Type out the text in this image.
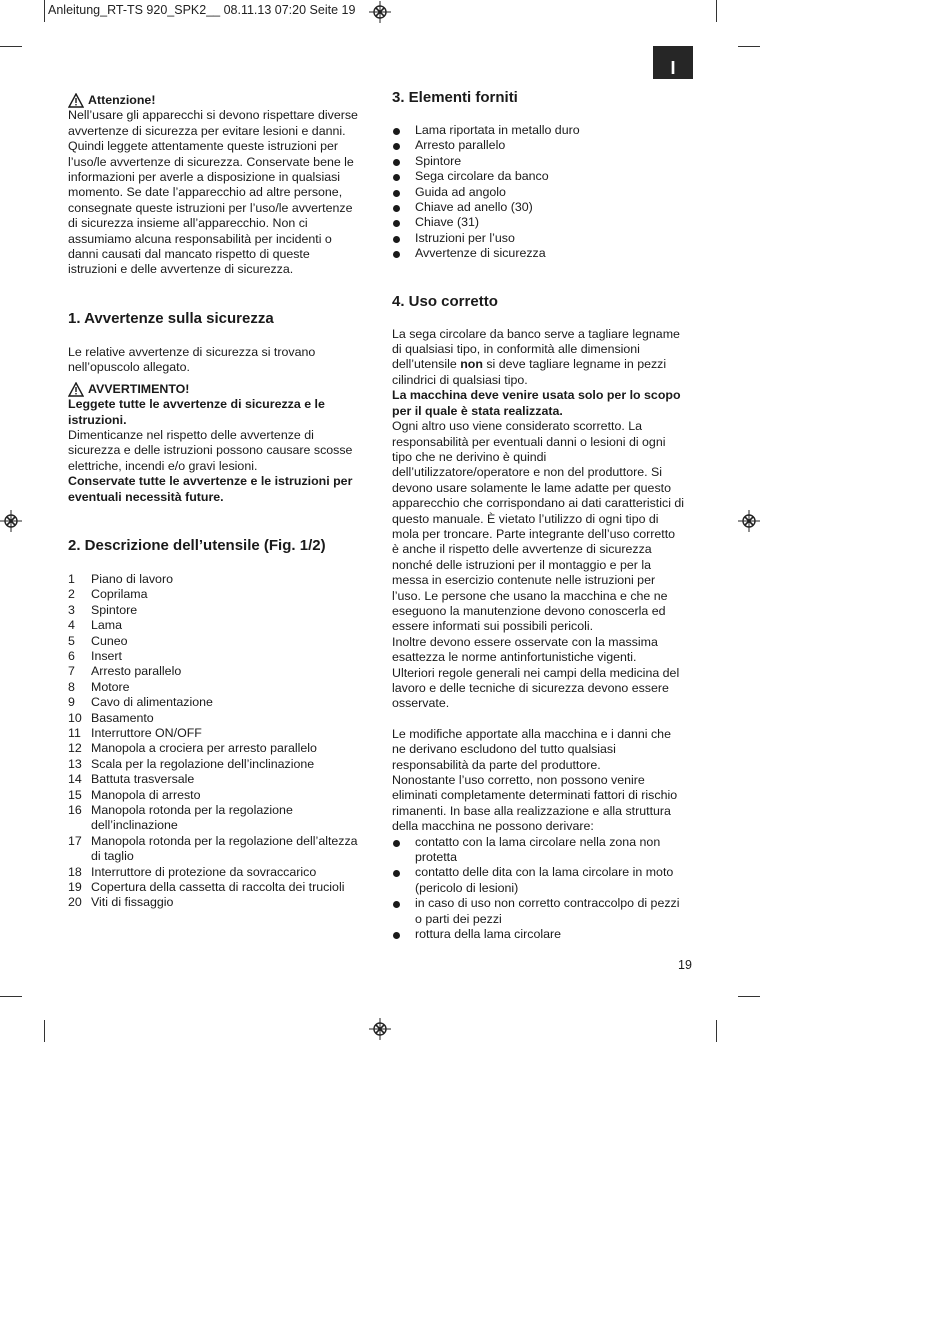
Anleitung_RT-TS 920_SPK2__ 08.11.13 07:20 Seite 19
I
Attenzione!

Nell’usare gli apparecchi si devono rispettare diverse

avvertenze di sicurezza per evitare lesioni e danni.

Quindi leggete attentamente queste istruzioni per

l’uso/le avvertenze di sicurezza. Conservate bene le

informazioni per averle a disposizione in qualsiasi

momento. Se date l’apparecchio ad altre persone,

consegnate queste istruzioni per l’uso/le avvertenze

di sicurezza insieme all’apparecchio. Non ci

assumiamo alcuna responsabilità per incidenti o

danni causati dal mancato rispetto di queste

istruzioni e delle avvertenze di sicurezza.

1. Avvertenze sulla sicurezza

Le relative avvertenze di sicurezza si trovano

nell’opuscolo allegato.

AVVERTIMENTO!

Leggete tutte le avvertenze di sicurezza e le

istruzioni.

Dimenticanze nel rispetto delle avvertenze di

sicurezza e delle istruzioni possono causare scosse

elettriche, incendi e/o gravi lesioni.

Conservate tutte le avvertenze e le istruzioni per

eventuali necessità future.

2. Descrizione dell’utensile (Fig. 1/2)
1	Piano di lavoro
2	Coprilama
3	Spintore
4	Lama
5	Cuneo
6	Insert
7	Arresto parallelo
8	Motore
9	Cavo di alimentazione
10 Basamento
11 Interruttore ON/OFF
12 Manopola a crociera per arresto parallelo
13 Scala per la regolazione dell’inclinazione
14 Battuta trasversale
15 Manopola di arresto
16 Manopola rotonda per la regolazione
dell’inclinazione
17 Manopola rotonda per la regolazione dell’altezza
di taglio
18 Interruttore di protezione da sovraccarico
19 Copertura della cassetta di raccolta dei trucioli
20 Viti di fissaggio
3. Elementi forniti
Lama riportata in metallo duro
Arresto parallelo
Spintore
Sega circolare da banco
Guida ad angolo
Chiave ad anello (30)
Chiave (31)
Istruzioni per l’uso
Avvertenze di sicurezza
4. Uso corretto

La sega circolare da banco serve a tagliare legname

di qualsiasi tipo, in conformità alle dimensioni

dell’utensile non si deve tagliare legname in pezzi

cilindrici di qualsiasi tipo.

La macchina deve venire usata solo per lo scopo

per il quale è stata realizzata.

Ogni altro uso viene considerato scorretto. La

responsabilità per eventuali danni o lesioni di ogni

tipo che ne derivino è quindi

dell’utilizzatore/operatore e non del produttore. Si

devono usare solamente le lame adatte per questo

apparecchio che corrispondano ai dati caratteristici di

questo manuale. È vietato l’utilizzo di ogni tipo di

mola per troncare. Parte integrante dell’uso corretto

è anche il rispetto delle avvertenze di sicurezza

nonché delle istruzioni per il montaggio e per la

messa in esercizio contenute nelle istruzioni per

l’uso. Le persone che usano la macchina e che ne

eseguono la manutenzione devono conoscerla ed

essere informati sui possibili pericoli.

Inoltre devono essere osservate con la massima

esattezza le norme antinfortunistiche vigenti.

Ulteriori regole generali nei campi della medicina del

lavoro e delle tecniche di sicurezza devono essere

osservate.

Le modifiche apportate alla macchina e i danni che

ne derivano escludono del tutto qualsiasi

responsabilità da parte del produttore.

Nonostante l’uso corretto, non possono venire

eliminati completamente determinati fattori di rischio

rimanenti. In base alla realizzazione e alla struttura

della macchina ne possono derivare:

contatto con la lama circolare nella zona non
protetta
contatto delle dita con la lama circolare in moto
(pericolo di lesioni)
in caso di uso non corretto contraccolpo di pezzi
o parti dei pezzi
rottura della lama circolare
19
